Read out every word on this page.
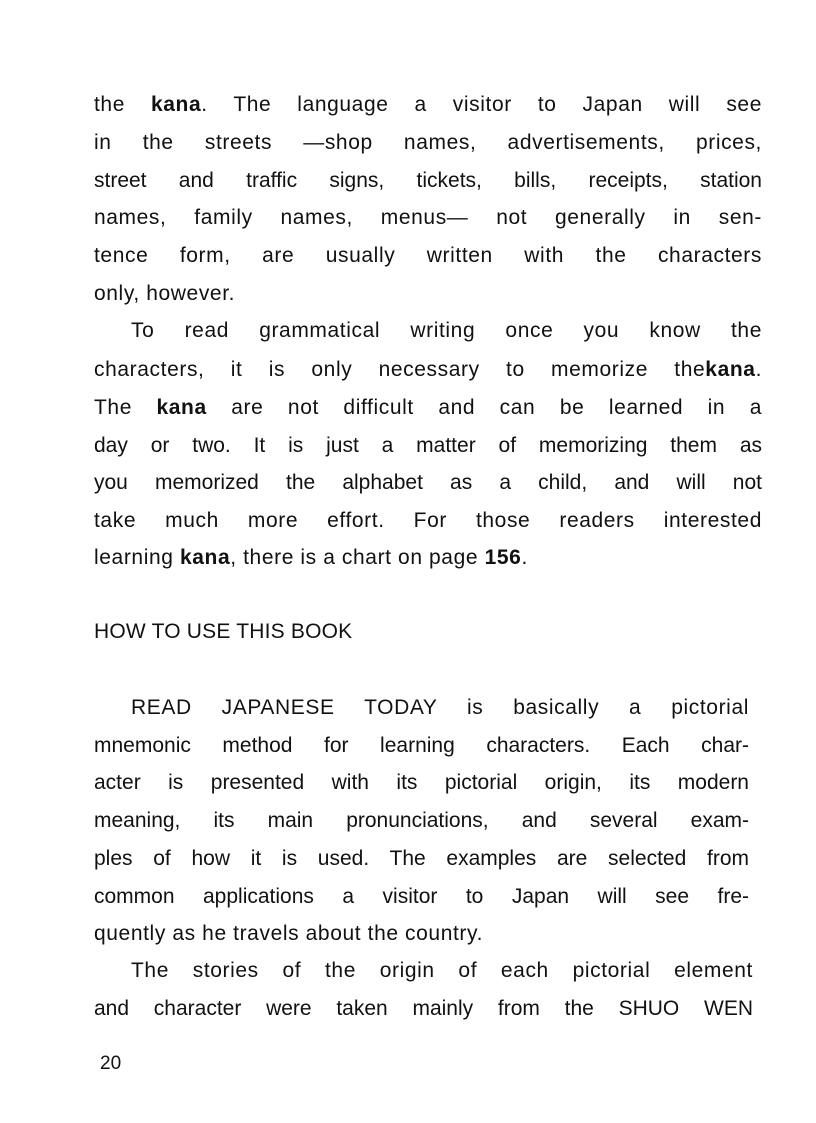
the kana. The language a visitor to Japan will see
in the streets —shop names, advertisements, prices,
street and traffic signs, tickets, bills, receipts, station
names, family names, menus— not generally in sen-
tence form, are usually written with the characters
only, however.
To read grammatical writing once you know the
characters, it is only necessary to memorize thekana.
The kana are not difficult and can be learned in a
day or two. It is just a matter of memorizing them as
you memorized the alphabet as a child, and will not
take much more effort. For those readers interested
learning kana, there is a chart on page 156.
HOW TO USE THIS BOOK
READ JAPANESE TODAY is basically a pictorial
mnemonic method for learning characters. Each char-
acter is presented with its pictorial origin, its modern
meaning, its main pronunciations, and several exam-
ples of how it is used. The examples are selected from
common applications a visitor to Japan will see fre-
quently as he travels about the country.
The stories of the origin of each pictorial element
and character were taken mainly from the SHUO WEN
20
